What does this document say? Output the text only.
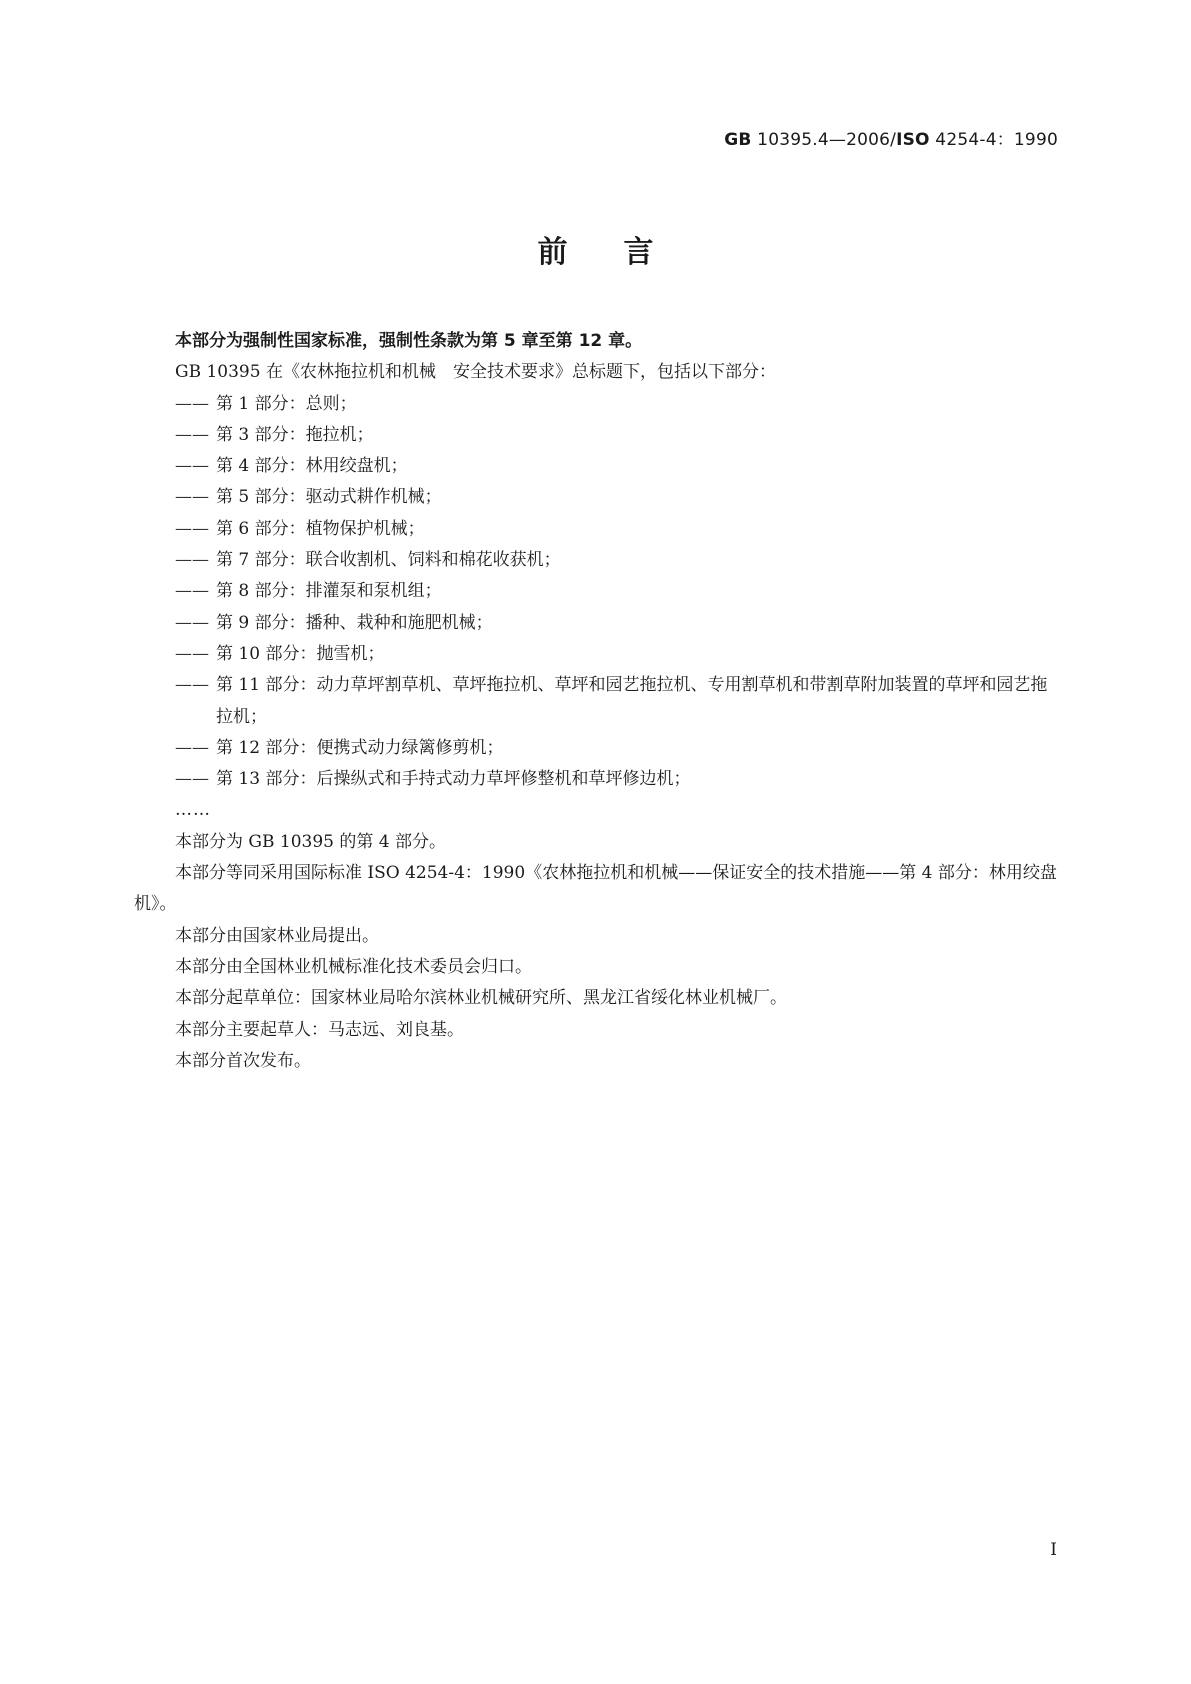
GB 10395.4—2006/ISO 4254-4：1990
前言

本部分为强制性国家标准，强制性条款为第 5 章至第 12 章。

GB 10395 在《农林拖拉机和机械　安全技术要求》总标题下，包括以下部分：

—— 第 1 部分：总则；
—— 第 3 部分：拖拉机；
—— 第 4 部分：林用绞盘机；
—— 第 5 部分：驱动式耕作机械；
—— 第 6 部分：植物保护机械；
—— 第 7 部分：联合收割机、饲料和棉花收获机；
—— 第 8 部分：排灌泵和泵机组；
—— 第 9 部分：播种、栽种和施肥机械；
—— 第 10 部分：抛雪机；
—— 第 11 部分：动力草坪割草机、草坪拖拉机、草坪和园艺拖拉机、专用割草机和带割草附加装置的草坪和园艺拖拉机；
—— 第 12 部分：便携式动力绿篱修剪机；
—— 第 13 部分：后操纵式和手持式动力草坪修整机和草坪修边机；

……

本部分为 GB 10395 的第 4 部分。

本部分等同采用国际标准 ISO 4254-4：1990《农林拖拉机和机械——保证安全的技术措施——第 4 部分：林用绞盘机》。

本部分由国家林业局提出。

本部分由全国林业机械标准化技术委员会归口。

本部分起草单位：国家林业局哈尔滨林业机械研究所、黑龙江省绥化林业机械厂。

本部分主要起草人：马志远、刘良基。

本部分首次发布。

I
